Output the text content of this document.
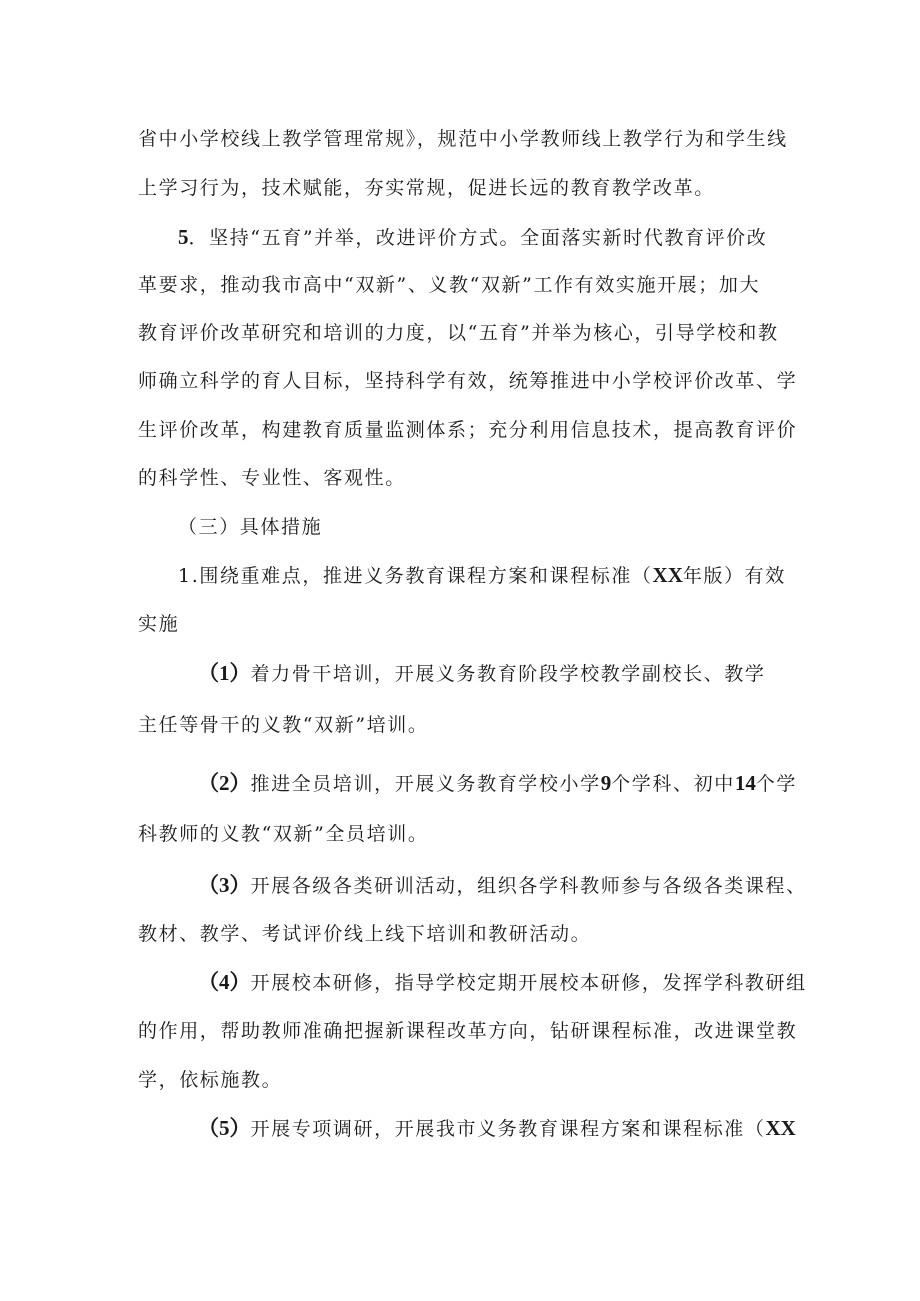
省中小学校线上教学管理常规》，规范中小学教师线上教学行为和学生线
上学习行为，技术赋能，夯实常规，促进长远的教育教学改革。
5．坚持“五育”并举，改进评价方式。全面落实新时代教育评价改
革要求，推动我市高中“双新”、义教“双新”工作有效实施开展；加大
教育评价改革研究和培训的力度，以“五育”并举为核心，引导学校和教
师确立科学的育人目标，坚持科学有效，统筹推进中小学校评价改革、学
生评价改革，构建教育质量监测体系；充分利用信息技术，提高教育评价
的科学性、专业性、客观性。
（三）具体措施
1.围绕重难点，推进义务教育课程方案和课程标准（XX年版）有效
实施
（1）着力骨干培训，开展义务教育阶段学校教学副校长、教学
主任等骨干的义教“双新”培训。
（2）推进全员培训，开展义务教育学校小学9个学科、初中14个学
科教师的义教“双新”全员培训。
（3）开展各级各类研训活动，组织各学科教师参与各级各类课程、
教材、教学、考试评价线上线下培训和教研活动。
（4）开展校本研修，指导学校定期开展校本研修，发挥学科教研组
的作用，帮助教师准确把握新课程改革方向，钻研课程标准，改进课堂教
学，依标施教。
（5）开展专项调研，开展我市义务教育课程方案和课程标准（XX
